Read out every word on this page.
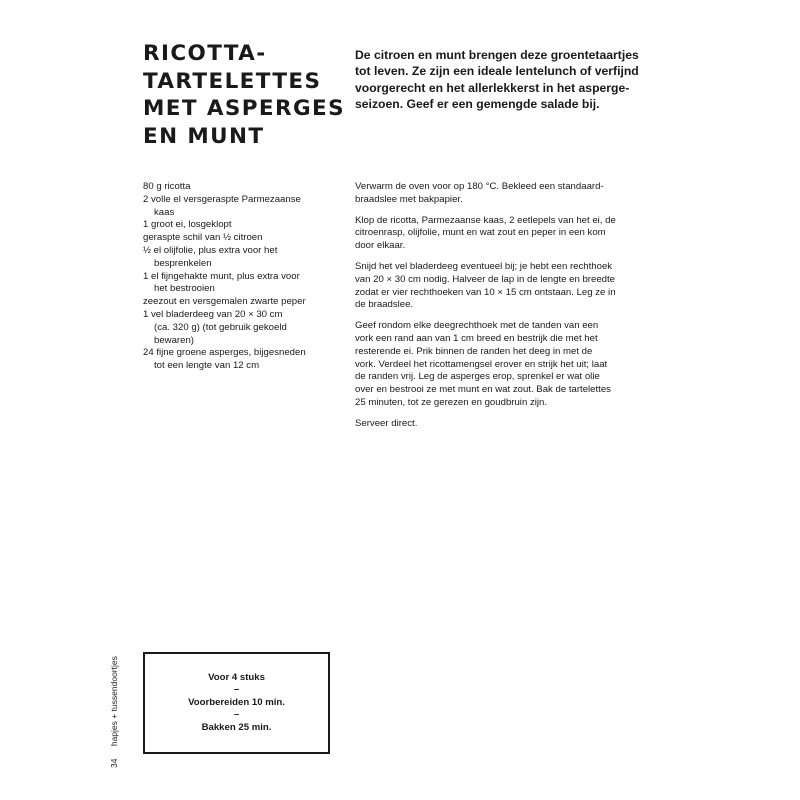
RICOTTA-
TARTELETTES
MET ASPERGES
EN MUNT

De citroen en munt brengen deze groentetaartjes
tot leven. Ze zijn een ideale lentelunch of verfijnd
voorgerecht en het allerlekkerst in het asperge-
seizoen. Geef er een gemengde salade bij.

80 g ricotta
2 volle el versgeraspte Parmezaanse
kaas
1 groot ei, losgeklopt
geraspte schil van ½ citroen
½ el olijfolie, plus extra voor het
besprenkelen
1 el fijngehakte munt, plus extra voor
het bestrooien
zeezout en versgemalen zwarte peper
1 vel bladerdeeg van 20 × 30 cm
(ca. 320 g) (tot gebruik gekoeld
bewaren)
24 fijne groene asperges, bijgesneden
tot een lengte van 12 cm

Verwarm de oven voor op 180 °C. Bekleed een standaard-
braadslee met bakpapier.

Klop de ricotta, Parmezaanse kaas, 2 eetlepels van het ei, de
citroenrasp, olijfolie, munt en wat zout en peper in een kom
door elkaar.

Snijd het vel bladerdeeg eventueel bij; je hebt een rechthoek
van 20 × 30 cm nodig. Halveer de lap in de lengte en breedte
zodat er vier rechthoeken van 10 × 15 cm ontstaan. Leg ze in
de braadslee.

Geef rondom elke deegrechthoek met de tanden van een
vork een rand aan van 1 cm breed en bestrijk die met het
resterende ei. Prik binnen de randen het deeg in met de
vork. Verdeel het ricottamengsel erover en strijk het uit; laat
de randen vrij. Leg de asperges erop, sprenkel er wat olie
over en bestrooi ze met munt en wat zout. Bak de tartelettes
25 minuten, tot ze gerezen en goudbruin zijn.

Serveer direct.

34 hapjes + tussendoortjes	Voor 4 stuks
–
Voorbereiden 10 min.
–
Bakken 25 min.
